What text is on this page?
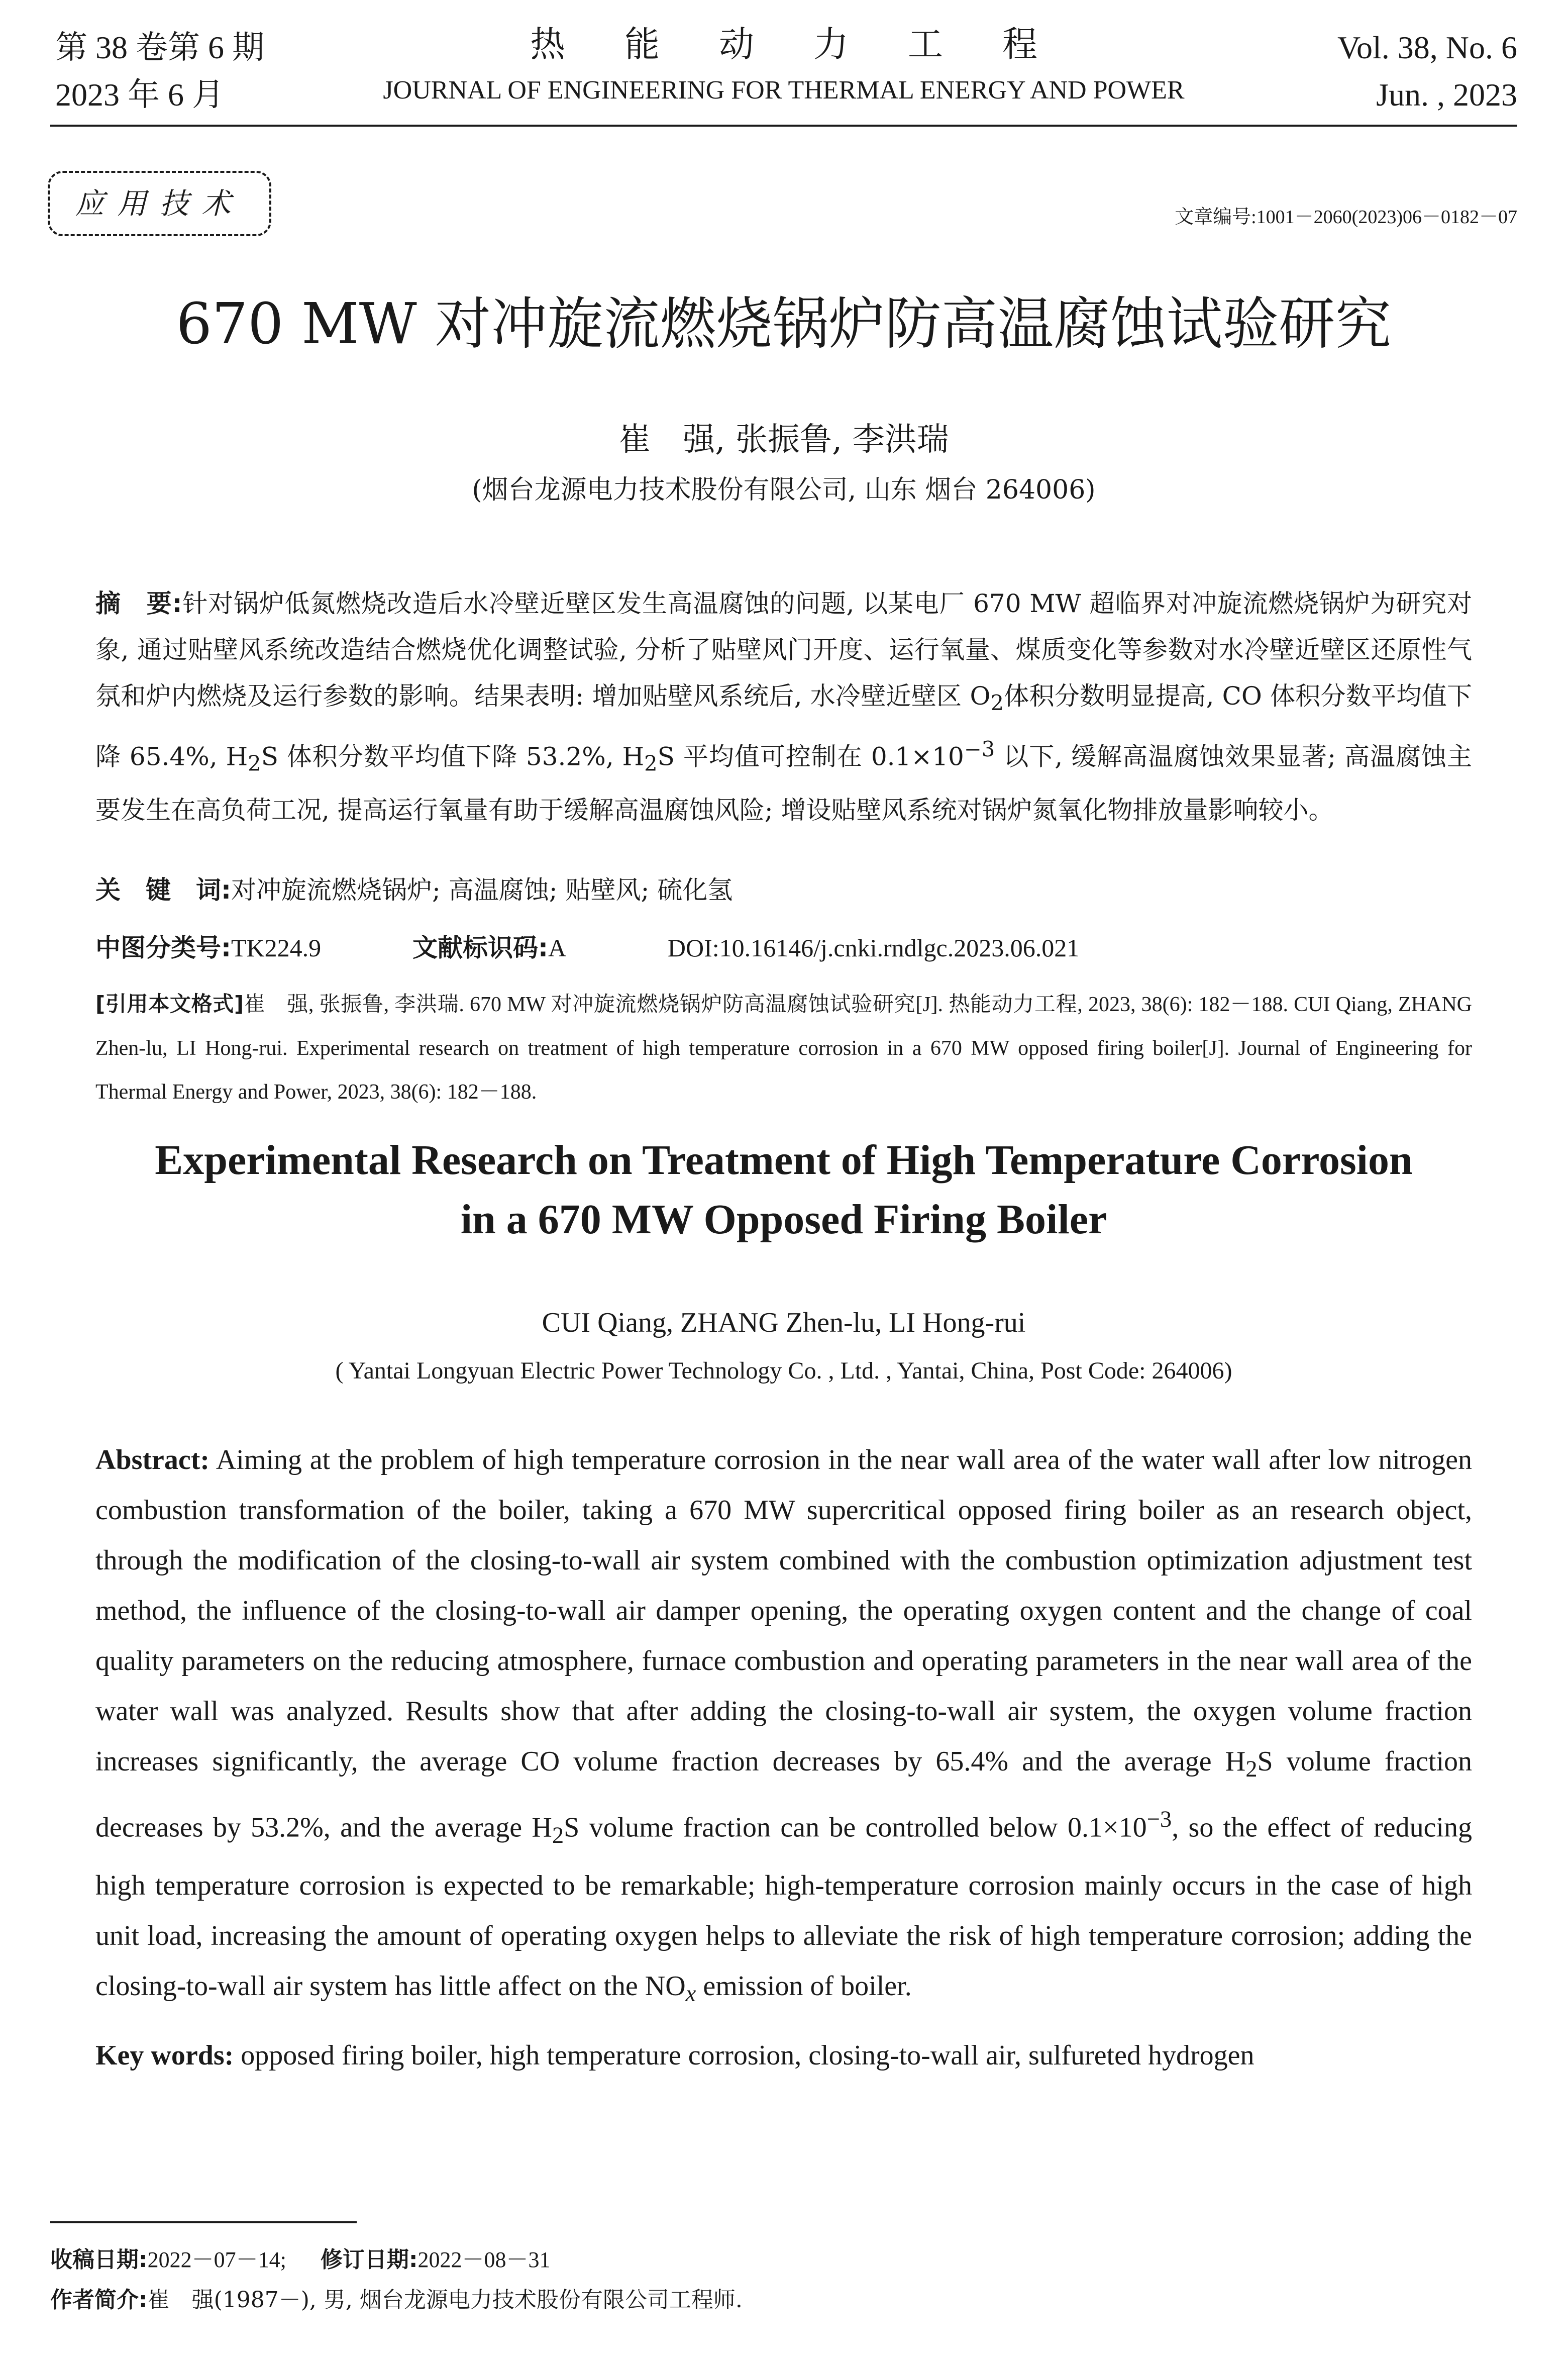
第 38 卷第 6 期
2023 年 6 月
热能动力工程
JOURNAL OF ENGINEERING FOR THERMAL ENERGY AND POWER
Vol. 38, No. 6
Jun. , 2023
应用技术	文章编号:1001－2060(2023)06－0182－07
670 MW 对冲旋流燃烧锅炉防高温腐蚀试验研究
崔　强, 张振鲁, 李洪瑞
(烟台龙源电力技术股份有限公司, 山东 烟台 264006)
摘　要:针对锅炉低氮燃烧改造后水冷壁近壁区发生高温腐蚀的问题, 以某电厂 670 MW 超临界对冲旋流燃烧锅炉为研究对象, 通过贴壁风系统改造结合燃烧优化调整试验, 分析了贴壁风门开度、运行氧量、煤质变化等参数对水冷壁近壁区还原性气氛和炉内燃烧及运行参数的影响。结果表明: 增加贴壁风系统后, 水冷壁近壁区 $O_2$体积分数明显提高, CO 体积分数平均值下降 65.4%, $H_2S$ 体积分数平均值下降 53.2%, $H_2S$ 平均值可控制在 $0.1\times 10^{-3}$ 以下, 缓解高温腐蚀效果显著; 高温腐蚀主要发生在高负荷工况, 提高运行氧量有助于缓解高温腐蚀风险; 增设贴壁风系统对锅炉氮氧化物排放量影响较小。
关　键　词:对冲旋流燃烧锅炉; 高温腐蚀; 贴壁风; 硫化氢
中图分类号:TK224.9	文献标识码:A	DOI:10.16146/j.cnki.rndlgc.2023.06.021
[引用本文格式]崔　强, 张振鲁, 李洪瑞. 670 MW 对冲旋流燃烧锅炉防高温腐蚀试验研究[J]. 热能动力工程, 2023, 38(6): 182－188. CUI Qiang, ZHANG Zhen-lu, LI Hong-rui. Experimental research on treatment of high temperature corrosion in a 670 MW opposed firing boiler[J]. Journal of Engineering for Thermal Energy and Power, 2023, 38(6): 182－188.
Experimental Research on Treatment of High Temperature Corrosion
in a 670 MW Opposed Firing Boiler
CUI Qiang, ZHANG Zhen-lu, LI Hong-rui
( Yantai Longyuan Electric Power Technology Co. , Ltd. , Yantai, China, Post Code: 264006)
Abstract: Aiming at the problem of high temperature corrosion in the near wall area of the water wall after low nitrogen combustion transformation of the boiler, taking a 670 MW supercritical opposed firing boiler as an research object, through the modification of the closing-to-wall air system combined with the combustion optimization adjustment test method, the influence of the closing-to-wall air damper opening, the operating oxygen content and the change of coal quality parameters on the reducing atmosphere, furnace combustion and operating parameters in the near wall area of the water wall was analyzed. Results show that after adding the closing-to-wall air system, the oxygen volume fraction increases significantly, the average CO volume fraction decreases by 65.4% and the average $H_2S$ volume fraction decreases by 53.2%, and the average $H_2S$ volume fraction can be controlled below $0.1\times 10^{-3}$, so the effect of reducing high temperature corrosion is expected to be remarkable; high-temperature corrosion mainly occurs in the case of high unit load, increasing the amount of operating oxygen helps to alleviate the risk of high temperature corrosion; adding the closing-to-wall air system has little affect on the $NO_x$ emission of boiler.
Key words: opposed firing boiler, high temperature corrosion, closing-to-wall air, sulfureted hydrogen
收稿日期:2022－07－14; 修订日期:2022－08－31
作者简介:崔　强(1987－), 男, 烟台龙源电力技术股份有限公司工程师.
